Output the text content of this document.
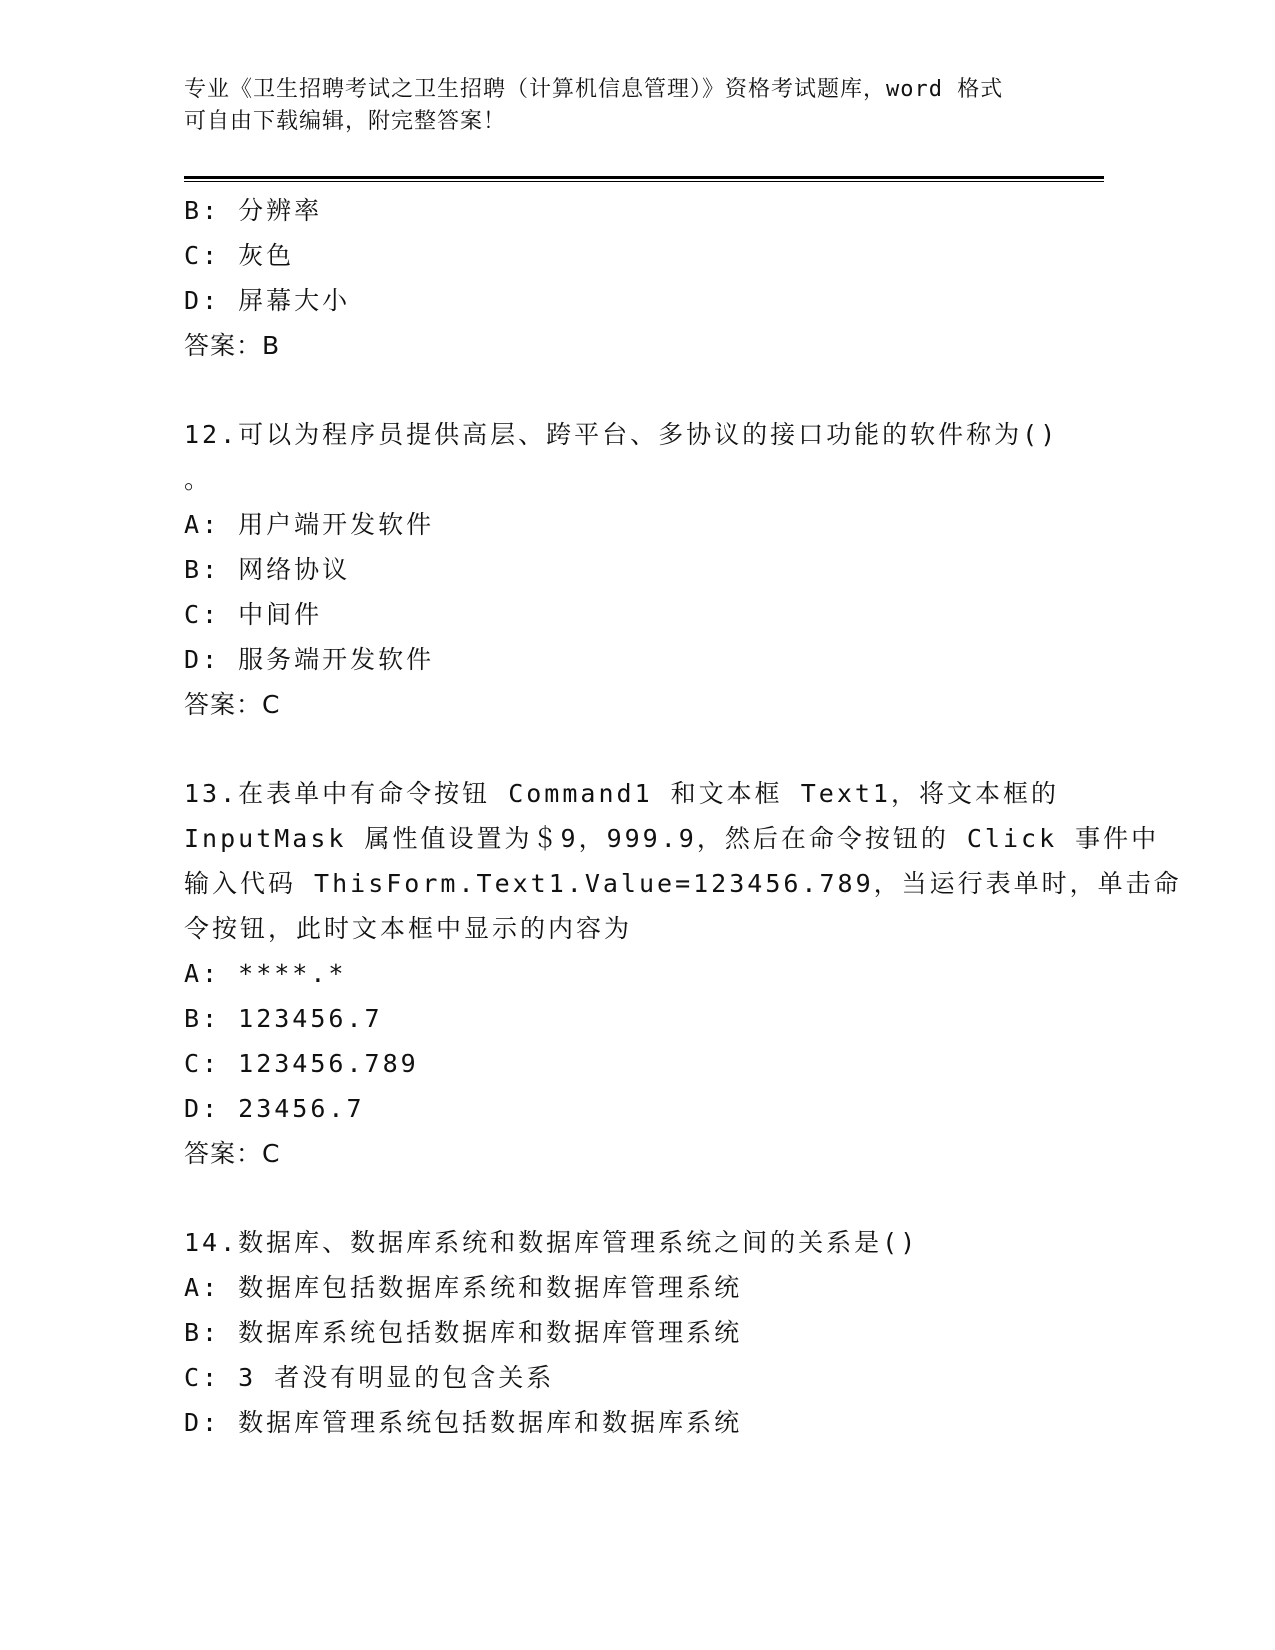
专业《卫生招聘考试之卫生招聘（计算机信息管理）》资格考试题库，word 格式
可自由下载编辑，附完整答案！
B: 分辨率
C: 灰色
D: 屏幕大小
答案：B
12.可以为程序员提供高层、跨平台、多协议的接口功能的软件称为()
。
A: 用户端开发软件
B: 网络协议
C: 中间件
D: 服务端开发软件
答案：C
13.在表单中有命令按钮 Command1 和文本框 Text1，将文本框的
InputMask 属性值设置为＄9，999.9，然后在命令按钮的 Click 事件中
输入代码 ThisForm.Text1.Value=123456.789，当运行表单时，单击命
令按钮，此时文本框中显示的内容为
A: ****.*
B: 123456.7
C: 123456.789
D: 23456.7
答案：C
14.数据库、数据库系统和数据库管理系统之间的关系是()
A: 数据库包括数据库系统和数据库管理系统
B: 数据库系统包括数据库和数据库管理系统
C: 3 者没有明显的包含关系
D: 数据库管理系统包括数据库和数据库系统
